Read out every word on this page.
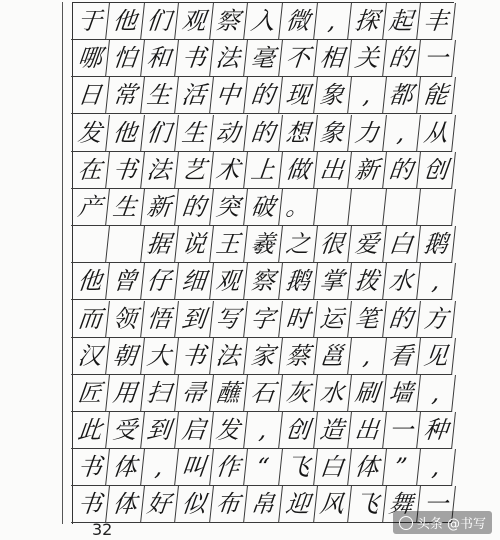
于 他 们 观 察 入 微 , 探 起 丰
哪 怕 和 书 法 毫 不 相 关 的 一
日 常 生 活 中 的 现 象 , 都 能
发 他 们 生 动 的 想 象 力 , 从
在 书 法 艺 术 上 做 出 新 的 创
产 生 新 的 突 破 。
据 说 王 羲 之 很 爱 白 鹅
他 曾 仔 细 观 察 鹅 掌 拨 水 ,
而 领 悟 到 写 字 时 运 笔 的 方
汉 朝 大 书 法 家 蔡 邕 , 看 见
匠 用 扫 帚 蘸 石 灰 水 刷 墙 ,
此 受 到 启 发 , 创 造 出 一 种
书 体 , 叫 作 “ 飞 白 体 ” ,
书 体 好 似 布 帛 迎 风 飞 舞 一
32	头条 @书写
